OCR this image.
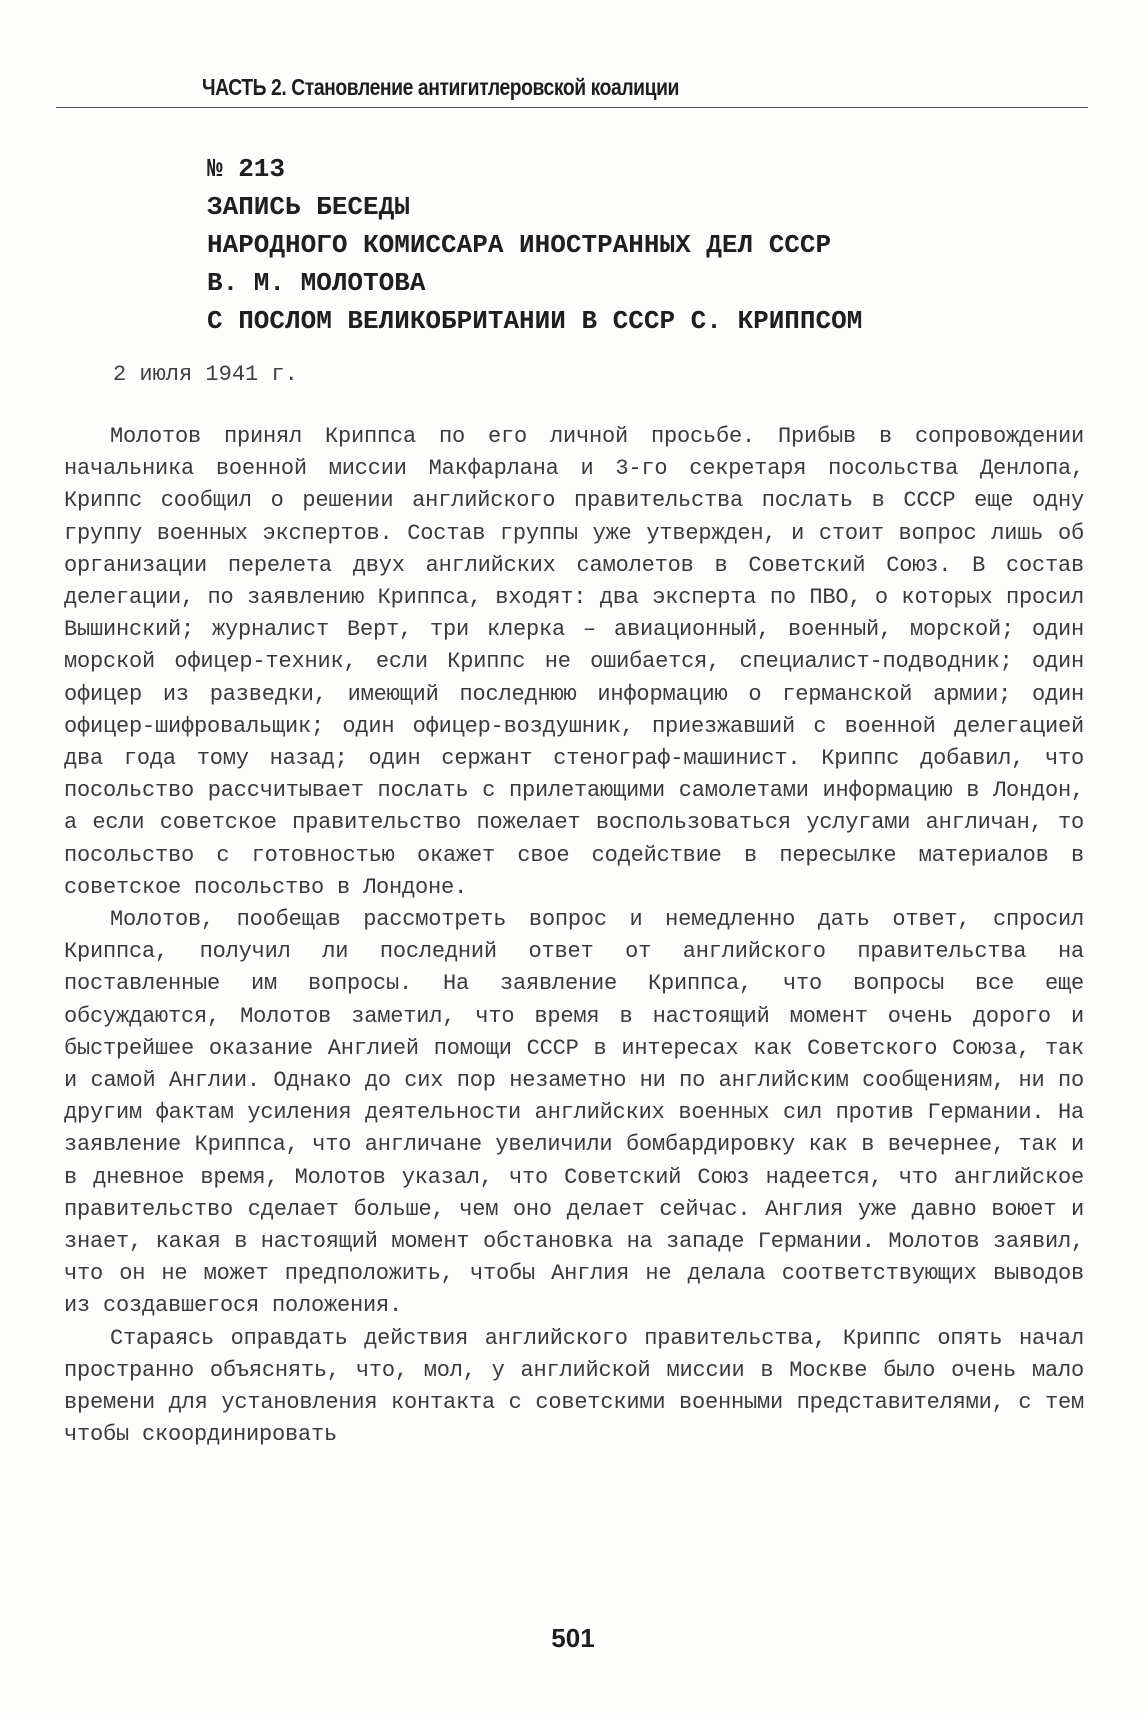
ЧАСТЬ 2. Становление антигитлеровской коалиции
№ 213
ЗАПИСЬ БЕСЕДЫ
НАРОДНОГО КОМИССАРА ИНОСТРАННЫХ ДЕЛ СССР
В. М. МОЛОТОВА
С ПОСЛОМ ВЕЛИКОБРИТАНИИ В СССР С. КРИППСОМ
2 июля 1941 г.

Молотов принял Криппса по его личной просьбе. Прибыв в сопровождении начальника военной миссии Макфарлана и 3-го секретаря посольства Денлопа, Криппс сообщил о решении английского правительства послать в СССР еще одну группу военных экспертов. Состав группы уже утвержден, и стоит вопрос лишь об организации перелета двух английских самолетов в Советский Союз. В состав делегации, по заявлению Криппса, входят: два эксперта по ПВО, о которых просил Вышинский; журналист Верт, три клерка – авиационный, военный, морской; один морской офицер-техник, если Криппс не ошибается, специалист-подводник; один офицер из разведки, имеющий последнюю информацию о германской армии; один офицер-шифровальщик; один офицер-воздушник, приезжавший с военной делегацией два года тому назад; один сержант стенограф-машинист. Криппс добавил, что посольство рассчитывает послать с прилетающими самолетами информацию в Лондон, а если советское правительство пожелает воспользоваться услугами англичан, то посольство с готовностью окажет свое содействие в пересылке материалов в советское посольство в Лондоне.

Молотов, пообещав рассмотреть вопрос и немедленно дать ответ, спросил Криппса, получил ли последний ответ от английского правительства на поставленные им вопросы. На заявление Криппса, что вопросы все еще обсуждаются, Молотов заметил, что время в настоящий момент очень дорого и быстрейшее оказание Англией помощи СССР в интересах как Советского Союза, так и самой Англии. Однако до сих пор незаметно ни по английским сообщениям, ни по другим фактам усиления деятельности английских военных сил против Германии. На заявление Криппса, что англичане увеличили бомбардировку как в вечернее, так и в дневное время, Молотов указал, что Советский Союз надеется, что английское правительство сделает больше, чем оно делает сейчас. Англия уже давно воюет и знает, какая в настоящий момент обстановка на западе Германии. Молотов заявил, что он не может предположить, чтобы Англия не делала соответствующих выводов из создавшегося положения.

Стараясь оправдать действия английского правительства, Криппс опять начал пространно объяснять, что, мол, у английской миссии в Москве было очень мало времени для установления контакта с советскими военными представителями, с тем чтобы скоординировать

501
